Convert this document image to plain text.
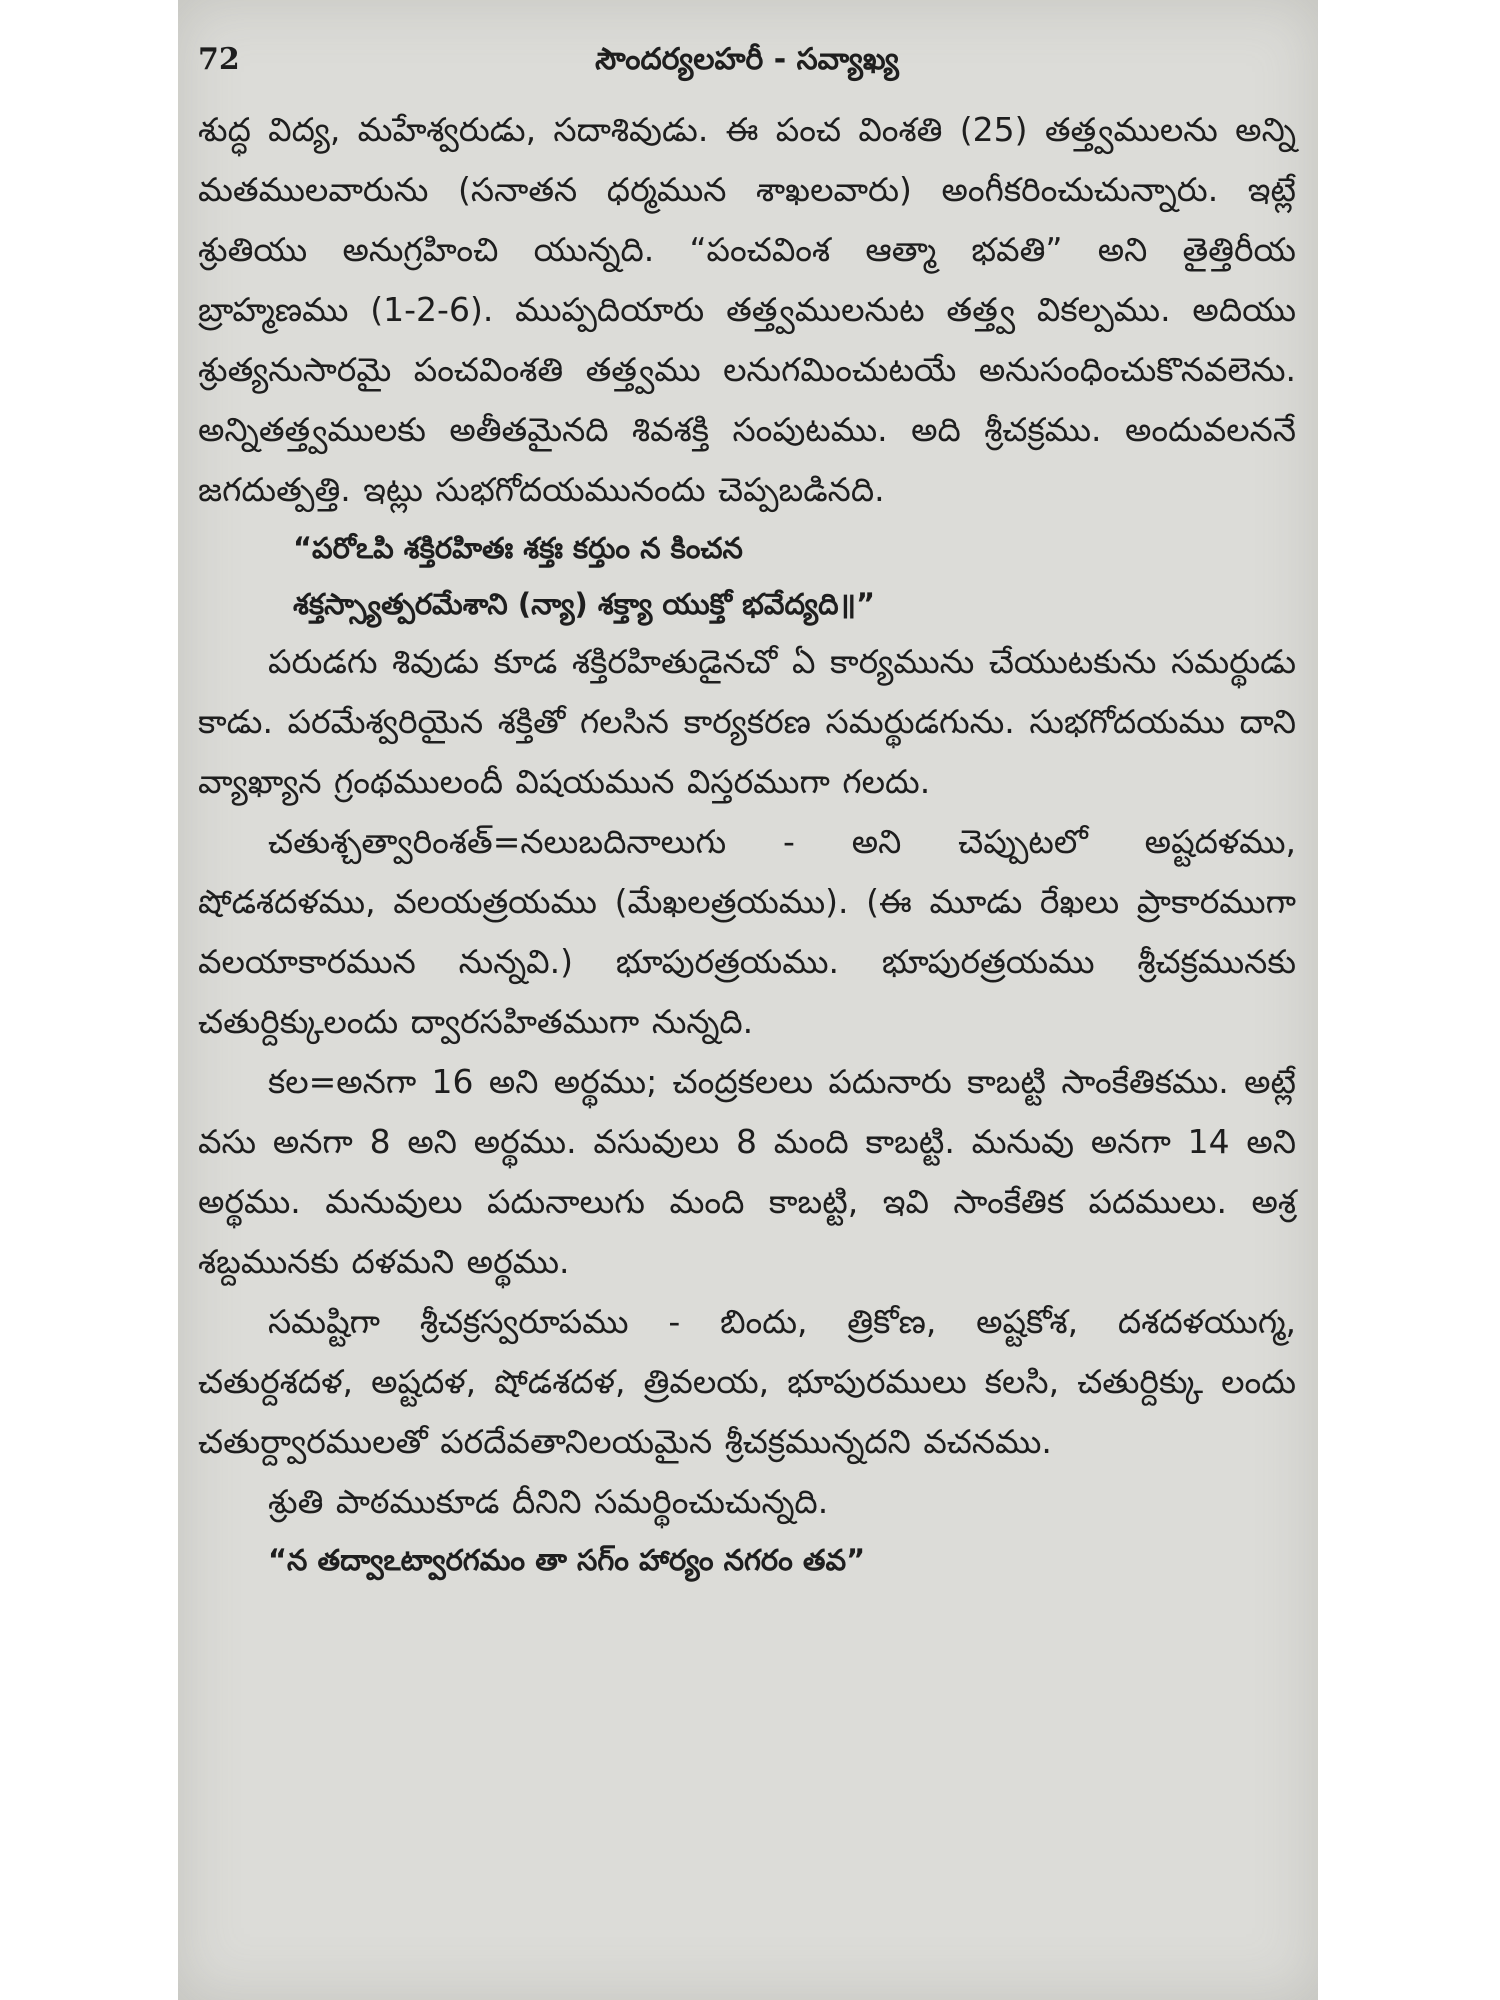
72	సౌందర్యలహరీ - సవ్యాఖ్య

శుద్ధ విద్య, మహేశ్వరుడు, సదాశివుడు. ఈ పంచ వింశతి (25) తత్త్వములను అన్ని మతములవారును (సనాతన ధర్మమున శాఖలవారు) అంగీకరించుచున్నారు. ఇట్లే శ్రుతియు అనుగ్రహించి యున్నది. “పంచవింశ ఆత్మా భవతి” అని తైత్తిరీయ బ్రాహ్మణము (1-2-6). ముప్పదియారు తత్త్వములనుట తత్త్వ వికల్పము. అదియు శ్రుత్యనుసారమై పంచవింశతి తత్త్వము లనుగమించుటయే అనుసంధించుకొనవలెను. అన్నితత్త్వములకు అతీతమైనది శివశక్తి సంపుటము. అది శ్రీచక్రము. అందువలననే జగదుత్పత్తి. ఇట్లు సుభగోదయమునందు చెప్పబడినది.

“పరోఽపి శక్తిరహితః శక్తః కర్తుం న కించన

శక్తస్స్యాత్పరమేశాని (న్యా) శక్త్యా యుక్తో భవేద్యది॥”

పరుడగు శివుడు కూడ శక్తిరహితుడైనచో ఏ కార్యమును చేయుటకును సమర్థుడు కాడు. పరమేశ్వరియైన శక్తితో గలసిన కార్యకరణ సమర్థుడగును. సుభగోదయము దాని వ్యాఖ్యాన గ్రంథములందీ విషయమున విస్తరముగా గలదు.

చతుశ్చత్వారింశత్=నలుబదినాలుగు - అని చెప్పుటలో అష్టదళము, షోడశదళము, వలయత్రయము (మేఖలత్రయము). (ఈ మూడు రేఖలు ప్రాకారముగా వలయాకారమున నున్నవి.) భూపురత్రయము. భూపురత్రయము శ్రీచక్రమునకు చతుర్దిక్కులందు ద్వారసహితముగా నున్నది.

కల=అనగా 16 అని అర్థము; చంద్రకలలు పదునారు కాబట్టి సాంకేతికము. అట్లే వసు అనగా 8 అని అర్థము. వసువులు 8 మంది కాబట్టి. మనువు అనగా 14 అని అర్థము. మనువులు పదునాలుగు మంది కాబట్టి, ఇవి సాంకేతిక పదములు. అశ్ర శబ్దమునకు దళమని అర్థము.

సమష్టిగా శ్రీచక్రస్వరూపము - బిందు, త్రికోణ, అష్టకోశ, దశదళయుగ్మ, చతుర్దశదళ, అష్టదళ, షోడశదళ, త్రివలయ, భూపురములు కలసి, చతుర్దిక్కు లందు చతుర్ద్వారములతో పరదేవతానిలయమైన శ్రీచక్రమున్నదని వచనము.

శ్రుతి పాఠముకూడ దీనిని సమర్థించుచున్నది.

“న తద్వాఽట్వారగమం తా సగ్ం హార్యం నగరం తవ”
